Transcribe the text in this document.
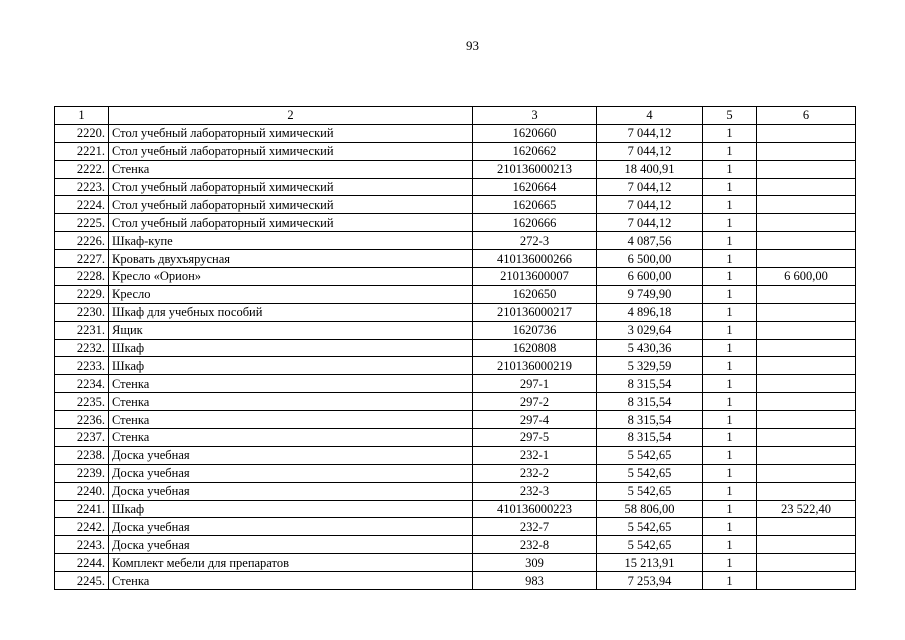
93
1	2	3	4	5	6
2220.	Стол учебный лабораторный химический	1620660	7 044,12	1	
2221.	Стол учебный лабораторный химический	1620662	7 044,12	1	
2222.	Стенка	210136000213	18 400,91	1	
2223.	Стол учебный лабораторный химический	1620664	7 044,12	1	
2224.	Стол учебный лабораторный химический	1620665	7 044,12	1	
2225.	Стол учебный лабораторный химический	1620666	7 044,12	1	
2226.	Шкаф-купе	272-3	4 087,56	1	
2227.	Кровать двухъярусная	410136000266	6 500,00	1	
2228.	Кресло «Орион»	21013600007	6 600,00	1	6 600,00
2229.	Кресло	1620650	9 749,90	1	
2230.	Шкаф для учебных пособий	210136000217	4 896,18	1	
2231.	Ящик	1620736	3 029,64	1	
2232.	Шкаф	1620808	5 430,36	1	
2233.	Шкаф	210136000219	5 329,59	1	
2234.	Стенка	297-1	8 315,54	1	
2235.	Стенка	297-2	8 315,54	1	
2236.	Стенка	297-4	8 315,54	1	
2237.	Стенка	297-5	8 315,54	1	
2238.	Доска учебная	232-1	5 542,65	1	
2239.	Доска учебная	232-2	5 542,65	1	
2240.	Доска учебная	232-3	5 542,65	1	
2241.	Шкаф	410136000223	58 806,00	1	23 522,40
2242.	Доска учебная	232-7	5 542,65	1	
2243.	Доска учебная	232-8	5 542,65	1	
2244.	Комплект мебели для препаратов	309	15 213,91	1	
2245.	Стенка	983	7 253,94	1	
